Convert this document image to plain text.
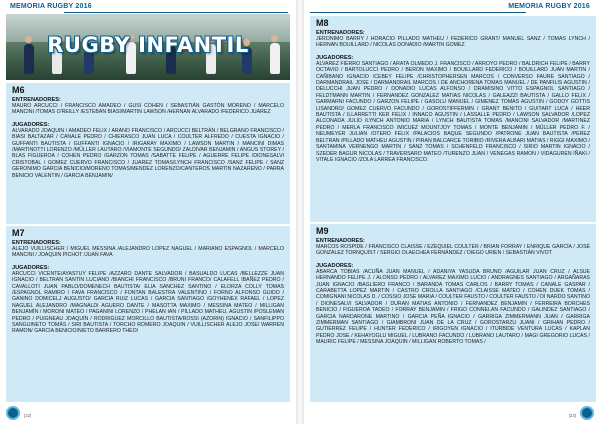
MEMORIA RUGBY 2016
RUGBY INFANTIL
M6
ENTRENADORES:

MAURO ARCUCCI / FRANCISCO AMADEO / GUSI COHEN / SEBASTIÁN GASTÓN MORENO / MARCELO MANCINI /TOMAS O'REILLY /ESTEBAN BIASI/MARTIN LAWSON /HERNAN ALVARADO /FEDERICO JUAREZ

JUGADORES:

ALVARADO JOAQUIN / AMADEO FELIX / ARANO FRANCISCO / ARCUCCI BELTRÁN / BELGRANO FRANCISCO / BIASI BALTAZAR / CANALE PEDRO / CHIERASCO JUAN LUCA / COULTER ALFREDO / CUESTA IGNACIO / GUFFANTI BAUTISTA / GUFFANTI IGNACIO / IRIGARAY MAXIMO / LAWSON MARTIN / MANCINI DIMAS /MARTINOTTI LORENZO /MÜLLER LAUTARO /VIAMONTE SEGUNDO/ ZALDIVAR BENJAMIN / ANGUS STOREY / BLAS FIGUEROA / COHEN PEDRO /GARZON TOMAS /SABATTE FELIPE / AGUERRE FELIPE /DIONESALVI CRISTOBAL / GOMEZ CUERVO FRANCISCO / JUAREZ TOMAS/LYNCH FRANCISCO /SANZ FELIPE / SANZ GERONIMO GARCIA BENICIO/MORENO TOMAS/MENDEZ LORENZO/CANTEROS MARTIN NAZARENO / PARRA BENICIO VALENTIN / GARCIA BENJAMIN/

M7
ENTRENADORES:

ALEJO VUILLISCHER / MIGUEL MESSINA /ALEJANDRO LOPEZ NAGUEL / MARIANO ESPAGNOL / MARCELO MANCINI / JOAQUIN PICHOT /JUAN FAVA

JUGADORES:

ARCUCCI VICENTE/AYASTUY FELIPE /AZZARO DANTE SALVADOR / BASUALDO LUCAS /BELLEZZE JUAN IGNACIO / BELTRAN SANTIN LUCIANO /BIANCHI FRANCISCO /BRUNI FRANCO/ CALAFELL IBAÑEZ PEDRO / CAVALLOTI JUAN PABLO/DOMENECH BAUTISTA/ ELIA SANCHEZ SANTINO / ELORZA COLLY TOMAS /ESPAGNOL RAMIRO / FAVA FRANCISCO / FONTAN BALESTRA VALENTINO / FORNO ALFONSO GUIDO / GANINO DOMICELJ AUGUSTO/ GARCIA RUIZ LUCAS / GARCIA SANTIAGO /GOYHENEX RAFAEL / LOPEZ NAGUEL ALEJANDRO /MAGNALDI AGUERO DANTE / MASOTTA MAXIMO / MESSINA MATEO / MILLIGAN BENJAMÍN / MORONI MATEO / PAGANINI LORENZO / PHELAN IAN / PILLADO MATHEU, AGUSTIN /POSLEMAN PEDRO / PUIGNEAU JOAQUÍN / RODRIGUEZ MORCILLO BAUTISTA/ROSSI (AZORIN) IGNACIO / SANFILIPPO SANGUINETO TOMÁS / SIRI BAUTISTA / TORCHO ROMERO JOAQUIN / VUILLISCHER ALEJO JOSE/ WARREN RAMON/ GARCIA BENICIO/NIETO BARRERO THEO/

|22|
MEMORIA RUGBY 2016
M8
ENTRENADORES:

JERONIMO BARRY / HORACIO PILLADO MATHEU / FEDERICO GRANT/ MANUEL SANZ / TOMAS LYNCH / HERNAN BOUILLARD / NICOLAS DONADIO /MARTIN GOMEZ

JUGADORES:

ALVAREZ FIERRO SANTIAGO / ARATA OLMEDO J. FRANCISCO / ARROYO PEDRO / BALDRICH FELIPE / BARRY OCTAVIO / BARTOLUCCI PEDRO / BERON MAXIMO / BOUILLARD FEDERICO / BOUILLARD JUAN MARTIN / CAÑIBANO IGNACIO /CEBEY FELIPE /CHRISTOPHERSEN MARCOS / CONVERSO FAURE SANTIAGO / DARMANDRAIL JOSE / DARMANDRAIL MARCOS / DE ANCHORENA TOMAS MANUEL / DE PANFILIS AGUSTIN / DELUCCHI JUAN PEDRO / DONADIO LUCAS ALFONSO / DRAMISINO VITTO ESPAGNOL SANTIAGO / FELDTMANN MARTIN / FERNANDEZ GONZALEZ MATIAS NICOLAS / GALEAZZI BAUTISTA / GALLO FELIX / GARMARNI FACUNDO / GARZON FELIPE / GASOLU MANUEL / GIMENEZ TOMAS AGUSTIN / GODOY GOTTIS LISANDRO/ GOMEZ CUERVO FACUNDO / GOROSTIFFERMIN / GRANT BENITO / GUITART LUCA / HEER BAUTISTA / ILLARRETTI KER FELIX / INNACO AGUSTIN / LASSALLE PEDRO / LAWSON SALVADOR /LOPEZ ALCONADA JULIO /LYNCH ANTONIO MARIA / LYNCH BAUTISTA TOMAS /MANCINI SALVADOR /MARTINEZ PEDRO / MERLA FRANCISCO /MICUEZ MOUNTJOY TOMAS / MONTE BENJAMIN / MÜLLER PEDRO F. / NEUMEYER JULIAN /OTERO FELIX /PALACIOS BAQUE SEGUNDO /PATRONE JUAN BAUTISTA /PEREZ BELTRAN /PILLADO MATHEU AGUSTIN / PIRAN BALCARCE TORIBIO /RIVERA ALBARI MATIAS / RIGGI MAXIMO / SANTAMINA VERNENGO MARTIN / SANZ TOMAS / SCHENFELD FRANCISCO / SIRIO MARTIN IGNACIO / SZEDER BAGUR NICOLAS / TRAVERSARO MATEO /TURENZO JUAN / VENEGAS RAMON / VIDAGUREN IÑAKI / VITALE IGNACIO /ZOLA LARREA FRANCISCO.

M9
ENTRENADORES:

MARCOS ROSPIDE / FRANCISCO CLAISSE / EZEQUIEL COULTER / BRIAN FORRAY / ENRIQUE GARCÍA / JOSÉ GONZALEZ TORNQUIST / SERGIO OLAECHEA FERNÁNDEZ / DIEGO URIEN / SEBASTIÁN VIVOT

JUGADORES:

ABARCA TOBIAS /ACUÑA JUAN MANUEL / ADANIYA YASUDA BRUNO /AGUILAR JUAN CRUZ / ALSUE HERNANDO FELIPE J. / ALONSO PEDRO / ALVAREZ MAXIMO LUCIO / ANDRAGNES SANTIAGO / ARGAÑARAS JUAN IGNACIO /BAGLIERO FRANCO / BARANDA TOMAS CARLOS / BARRY TOMAS / CANALE GASPAR / CARABETTA LOPEZ MARTIN / CASTRO CROLLA SANTIAGO /CLAISSE MATEO / COHEN DUEK TOMAS / COMIGNANI NICOLAS D. / COSSIO JOSE MARIA / COULTER FAUSTO / COULTER FAUSTO / DI NARDO SANTINO / DIONESALVI SALVADOR / DURAN MATIAS ANTONIO / FERNANDEZ BENJAMIN / FERREIRA BORCHES BENICIO / FIGUEROA TADEO / FORRAY BENJAMIN / FRIGO CONNELAN FACUNDO / GALINDEZ SANTIAGO / GARCIA NARDARONE MARTINO / GARCIA PEÑA IGNACIO / GARRIGA ZIMMERMANN JUAN / GARRIGA ZIMMERMAN SANTIAGO / GIAMBRONI JUAN DE LA CRUZ / GOROSTARZU JUANI / GRIHAN PEDRO / GUTIERREZ FELIPE / HUNTER FEDERICO / IRIGOYEN IGNACIO / ITURBIDE VENTURA LUCAS / KAPLAN PEDRO JOSE / KEHAYOGLU MIGUEL / LUBRANO FACUNDO / LUBRANO LAUTARO / MAGI GREGORIO LUCAS / MAURIC FELIPE / MESSINA JOAQUIN / MILLIGAN ROBERTO TOMAS /

|23|
